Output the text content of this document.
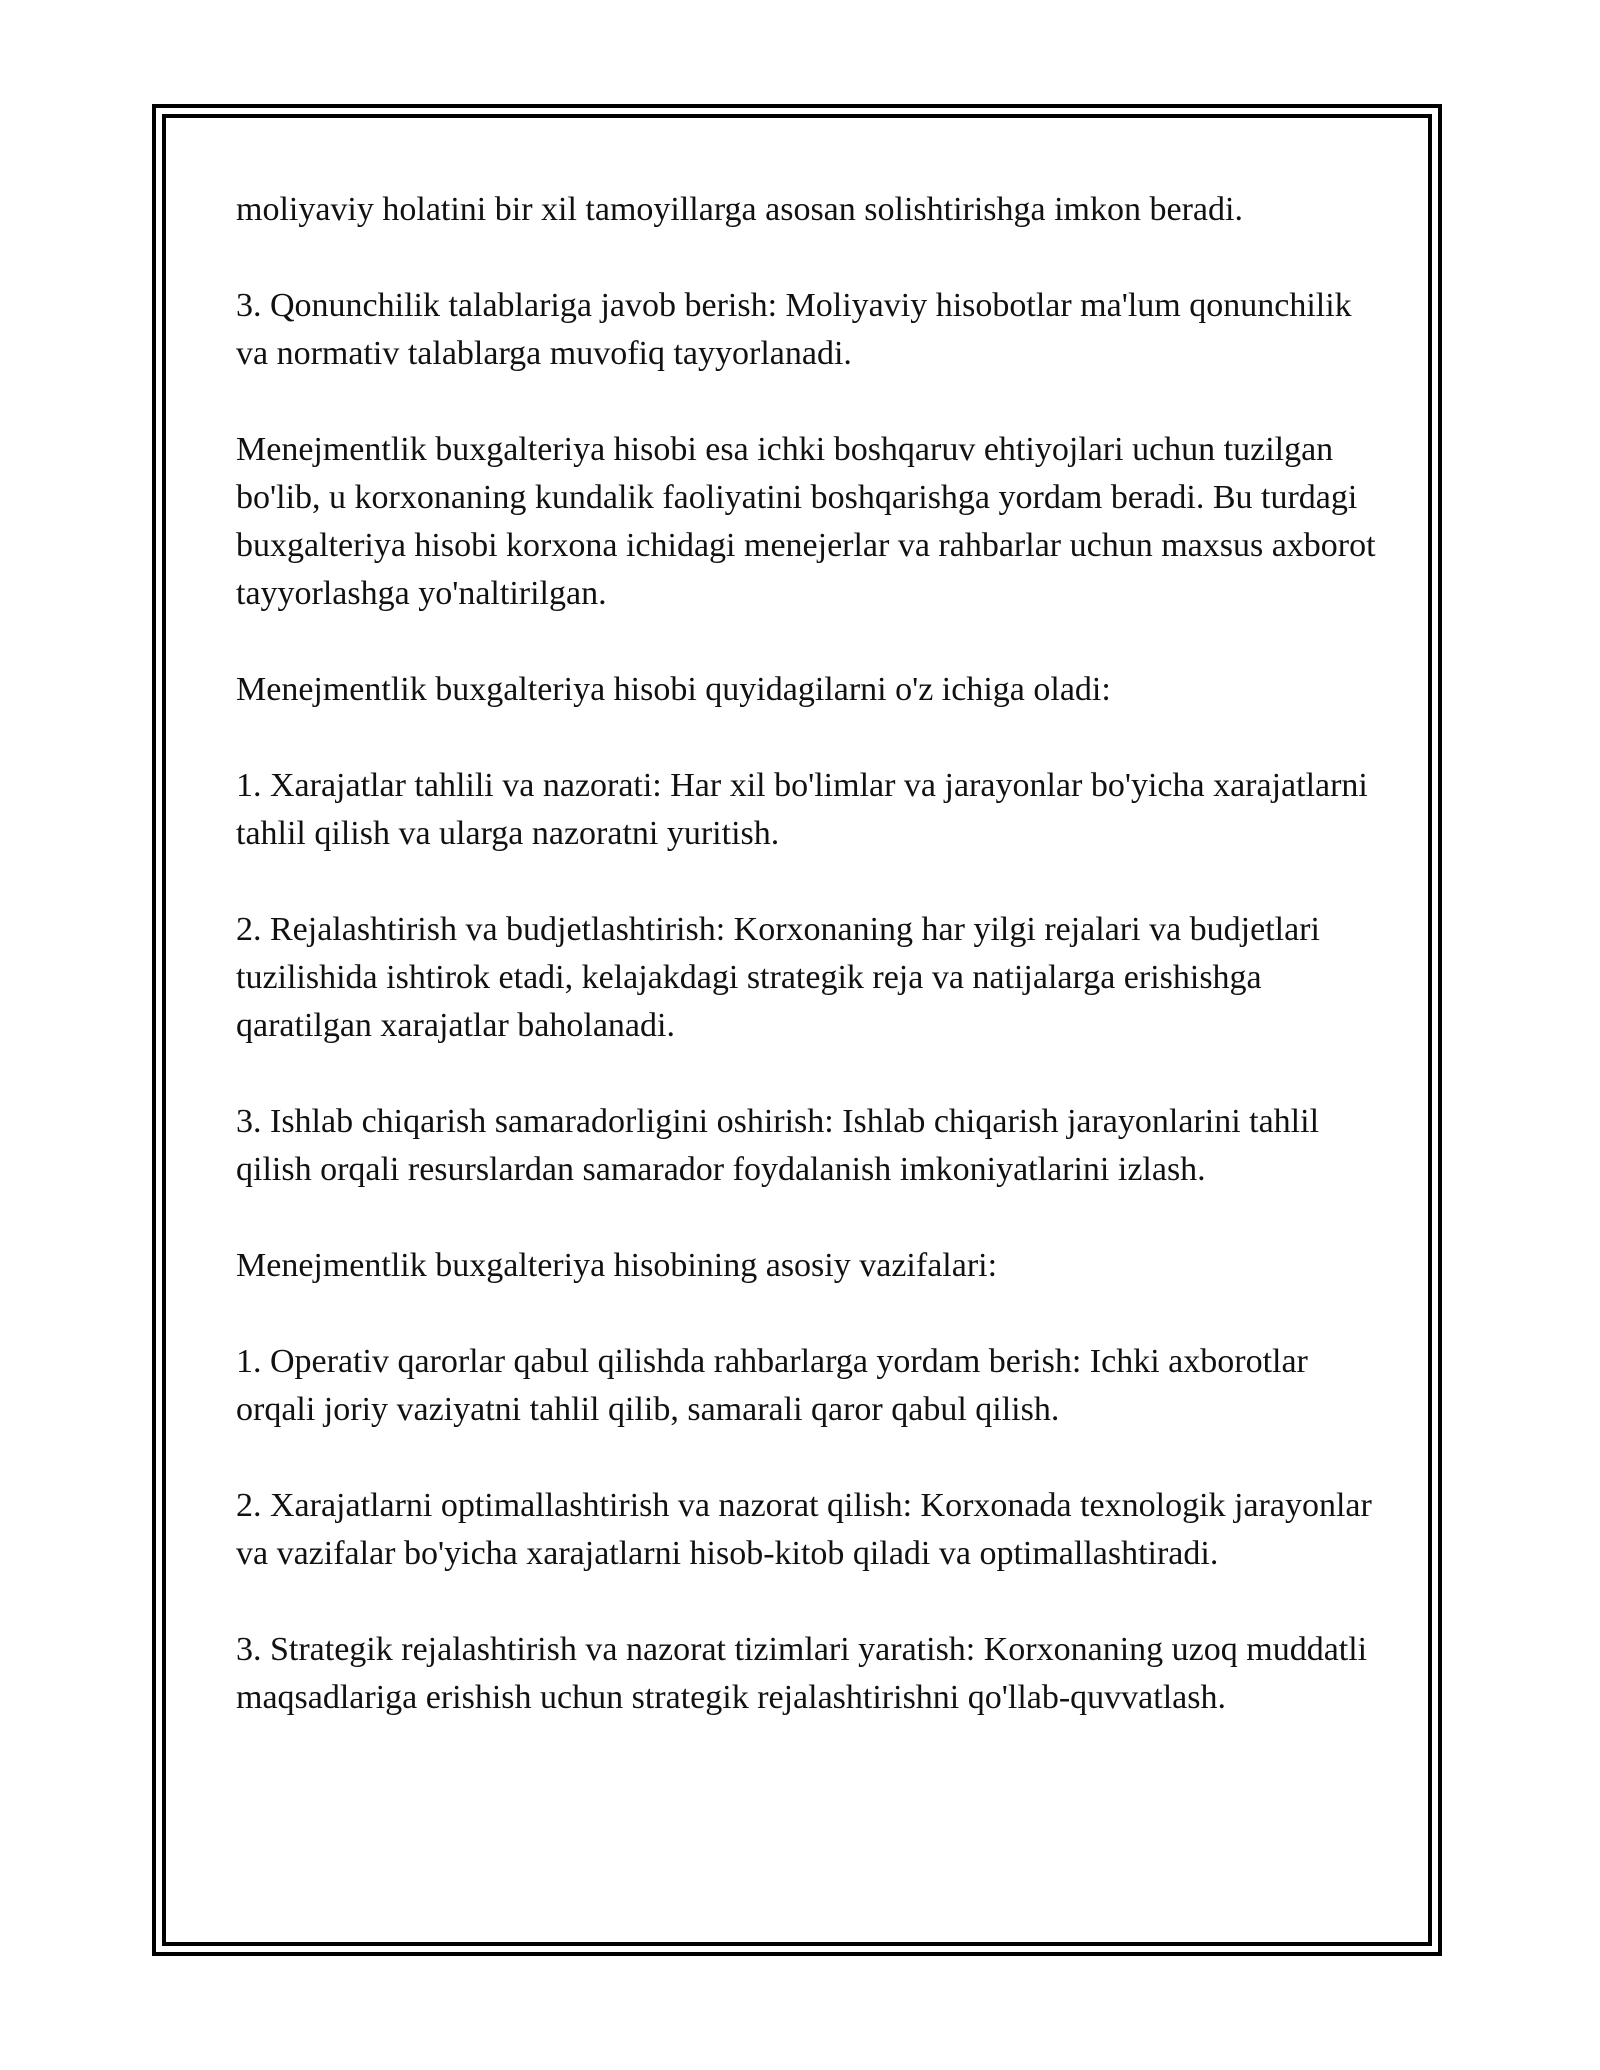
moliyaviy holatini bir xil tamoyillarga asosan solishtirishga imkon beradi.

3. Qonunchilik talablariga javob berish: Moliyaviy hisobotlar ma'lum qonunchilik va normativ talablarga muvofiq tayyorlanadi.

Menejmentlik buxgalteriya hisobi esa ichki boshqaruv ehtiyojlari uchun tuzilgan bo'lib, u korxonaning kundalik faoliyatini boshqarishga yordam beradi. Bu turdagi buxgalteriya hisobi korxona ichidagi menejerlar va rahbarlar uchun maxsus axborot tayyorlashga yo'naltirilgan.

Menejmentlik buxgalteriya hisobi quyidagilarni o'z ichiga oladi:

1. Xarajatlar tahlili va nazorati: Har xil bo'limlar va jarayonlar bo'yicha xarajatlarni tahlil qilish va ularga nazoratni yuritish.

2. Rejalashtirish va budjetlashtirish: Korxonaning har yilgi rejalari va budjetlari tuzilishida ishtirok etadi, kelajakdagi strategik reja va natijalarga erishishga qaratilgan xarajatlar baholanadi.

3. Ishlab chiqarish samaradorligini oshirish: Ishlab chiqarish jarayonlarini tahlil qilish orqali resurslardan samarador foydalanish imkoniyatlarini izlash.

Menejmentlik buxgalteriya hisobining asosiy vazifalari:

1. Operativ qarorlar qabul qilishda rahbarlarga yordam berish: Ichki axborotlar orqali joriy vaziyatni tahlil qilib, samarali qaror qabul qilish.

2. Xarajatlarni optimallashtirish va nazorat qilish: Korxonada texnologik jarayonlar va vazifalar bo'yicha xarajatlarni hisob-kitob qiladi va optimallashtiradi.

3. Strategik rejalashtirish va nazorat tizimlari yaratish: Korxonaning uzoq muddatli maqsadlariga erishish uchun strategik rejalashtirishni qo'llab-quvvatlash.
